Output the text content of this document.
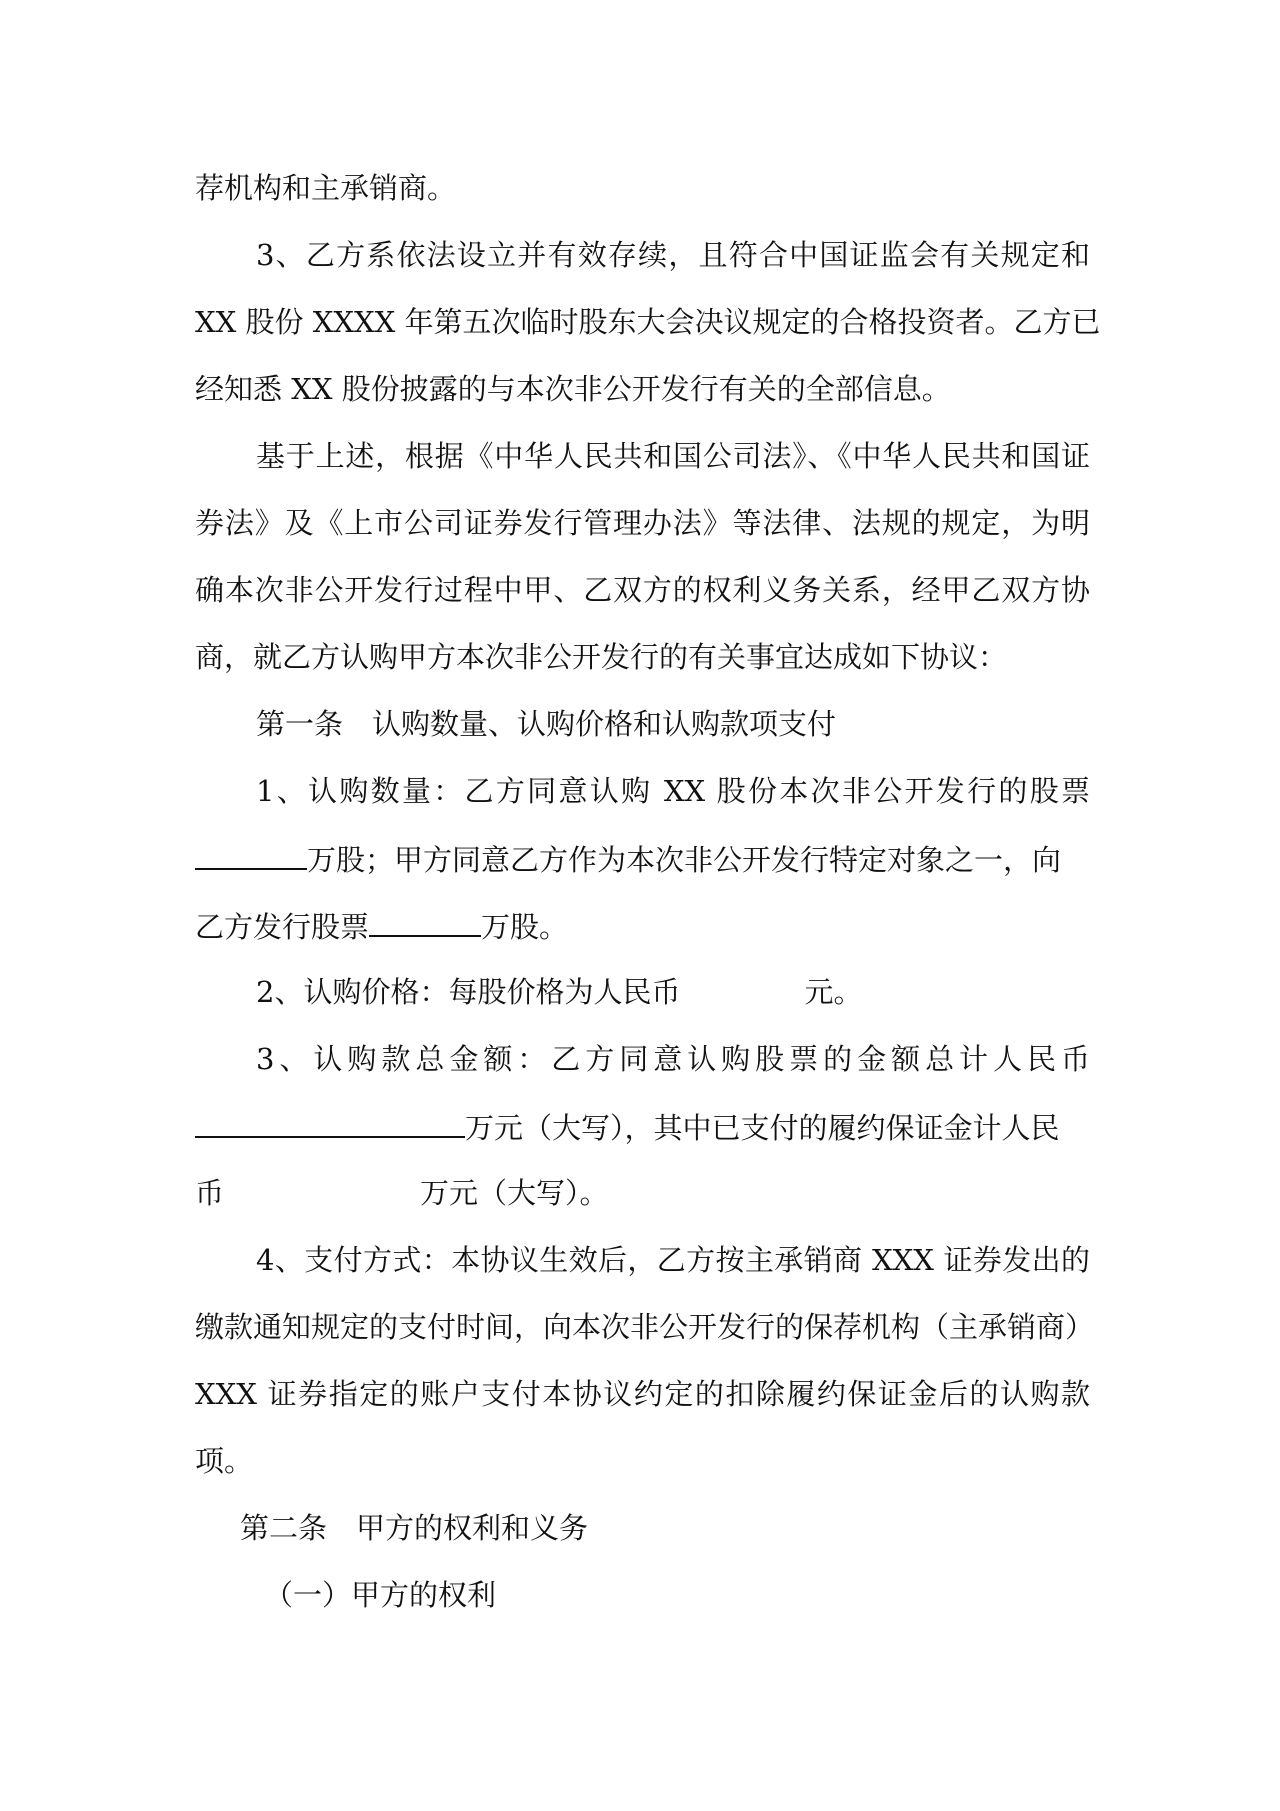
荐机构和主承销商。
3、乙方系依法设立并有效存续，且符合中国证监会有关规定和
XX 股份 XXXX 年第五次临时股东大会决议规定的合格投资者。乙方已
经知悉 XX 股份披露的与本次非公开发行有关的全部信息。
基于上述，根据《中华人民共和国公司法》、《中华人民共和国证
券法》及《上市公司证券发行管理办法》等法律、法规的规定，为明
确本次非公开发行过程中甲、乙双方的权利义务关系，经甲乙双方协
商，就乙方认购甲方本次非公开发行的有关事宜达成如下协议：
第一条　认购数量、认购价格和认购款项支付
1、认购数量：乙方同意认购 XX 股份本次非公开发行的股票
万股；甲方同意乙方作为本次非公开发行特定对象之一，向
乙方发行股票	万股。
2、认购价格：每股价格为人民币	元。
3、认购款总金额：乙方同意认购股票的金额总计人民币
万元（大写），其中已支付的履约保证金计人民
币	万元（大写）。
4、支付方式：本协议生效后，乙方按主承销商 XXX 证券发出的
缴款通知规定的支付时间，向本次非公开发行的保荐机构（主承销商）
XXX 证券指定的账户支付本协议约定的扣除履约保证金后的认购款
项。
第二条　甲方的权利和义务
（一）甲方的权利
